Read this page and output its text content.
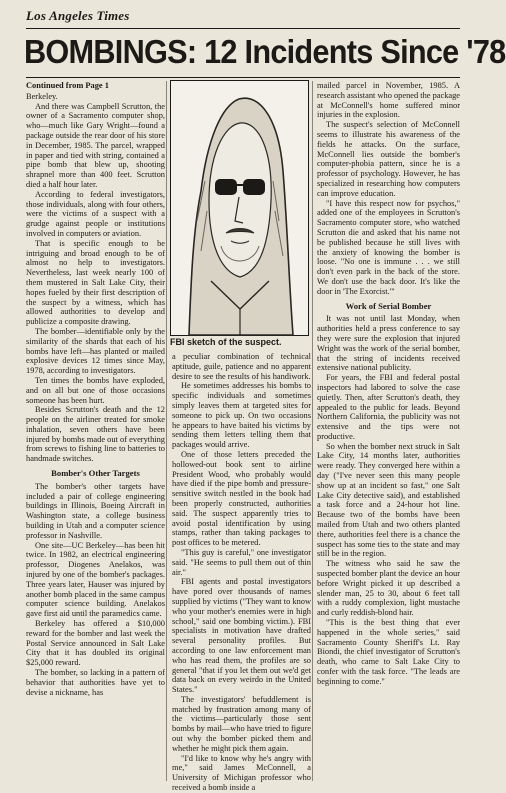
Los Angeles Times
BOMBINGS: 12 Incidents Since '78
Continued from Page 1

Berkeley.

And there was Campbell Scrutton, the owner of a Sacramento computer shop, who—much like Gary Wright—found a package outside the rear door of his store in December, 1985. The parcel, wrapped in paper and tied with string, contained a pipe bomb that blew up, shooting shrapnel more than 400 feet. Scrutton died a half hour later.

According to federal investigators, those individuals, along with four others, were the victims of a suspect with a grudge against people or institutions involved in computers or aviation.

That is specific enough to be intriguing and broad enough to be of almost no help to investigators. Nevertheless, last week nearly 100 of them mustered in Salt Lake City, their hopes fueled by their first description of the suspect by a witness, which has allowed authorities to develop and publicize a composite drawing.

The bomber—identifiable only by the similarity of the shards that each of his bombs have left—has planted or mailed explosive devices 12 times since May, 1978, according to investigators.

Ten times the bombs have exploded, and on all but one of those occasions someone has been hurt.

Besides Scrutton's death and the 12 people on the airliner treated for smoke inhalation, seven others have been injured by bombs made out of everything from screws to fishing line to batteries to handmade switches.

Bomber's Other Targets

The bomber's other targets have included a pair of college engineering buildings in Illinois, Boeing Aircraft in Washington state, a college business building in Utah and a computer science professor in Nashville.

One site—UC Berkeley—has been hit twice. In 1982, an electrical engineering professor, Diogenes Anelakos, was injured by one of the bomber's packages. Three years later, Hauser was injured by another bomb placed in the same campus computer science building. Anelakos gave first aid until the paramedics came.

Berkeley has offered a $10,000 reward for the bomber and last week the Postal Service announced in Salt Lake City that it has doubled its original $25,000 reward.

The bomber, so lacking in a pattern of behavior that authorities have yet to devise a nickname, has

FBI sketch of the suspect.

a peculiar combination of technical aptitude, guile, patience and no apparent desire to see the results of his handiwork.

He sometimes addresses his bombs to specific individuals and sometimes simply leaves them at targeted sites for someone to pick up. On two occasions he appears to have baited his victims by sending them letters telling them that packages would arrive.

One of those letters preceded the hollowed-out book sent to airline President Wood, who probably would have died if the pipe bomb and pressure-sensitive switch nestled in the book had been properly constructed, authorities said. The suspect apparently tries to avoid postal identification by using stamps, rather than taking packages to post offices to be metered.

"This guy is careful," one investigator said. "He seems to pull them out of thin air."

FBI agents and postal investigators have pored over thousands of names supplied by victims ("They want to know who your mother's enemies were in high school," said one bombing victim.). FBI specialists in motivation have drafted several personality profiles. But according to one law enforcement man who has read them, the profiles are so general "that if you let them out we'd get data back on every weirdo in the United States."

The investigators' befuddlement is matched by frustration among many of the victims—particularly those sent bombs by mail—who have tried to figure out why the bomber picked them and whether he might pick them again.

"I'd like to know why he's angry with me," said James McConnell, a University of Michigan professor who received a bomb inside a

mailed parcel in November, 1985. A research assistant who opened the package at McConnell's home suffered minor injuries in the explosion.

The suspect's selection of McConnell seems to illustrate his awareness of the fields he attacks. On the surface, McConnell lies outside the bomber's computer-phobia pattern, since he is a professor of psychology. However, he has specialized in researching how computers can improve education.

"I have this respect now for psychos," added one of the employees in Scrutton's Sacramento computer store, who watched Scrutton die and asked that his name not be published because he still lives with the anxiety of knowing the bomber is loose. "No one is immune . . . we still don't even park in the back of the store. We don't use the back door. It's like the door in 'The Exorcist.'"

Work of Serial Bomber

It was not until last Monday, when authorities held a press conference to say they were sure the explosion that injured Wright was the work of the serial bomber, that the string of incidents received extensive national publicity.

For years, the FBI and federal postal inspectors had labored to solve the case quietly. Then, after Scrutton's death, they appealed to the public for leads. Beyond Northern California, the publicity was not extensive and the tips were not productive.

So when the bomber next struck in Salt Lake City, 14 months later, authorities were ready. They converged here within a day ("I've never seen this many people show up at an incident so fast," one Salt Lake City detective said), and established a task force and a 24-hour hot line. Because two of the bombs have been mailed from Utah and two others planted there, authorities feel there is a chance the suspect has some ties to the state and may still be in the region.

The witness who said he saw the suspected bomber plant the device an hour before Wright picked it up described a slender man, 25 to 30, about 6 feet tall with a ruddy complexion, light mustache and curly reddish-blond hair.

"This is the best thing that ever happened in the whole series," said Sacramento County Sheriff's Lt. Ray Biondi, the chief investigator of Scrutton's death, who came to Salt Lake City to confer with the task force. "The leads are beginning to come."
